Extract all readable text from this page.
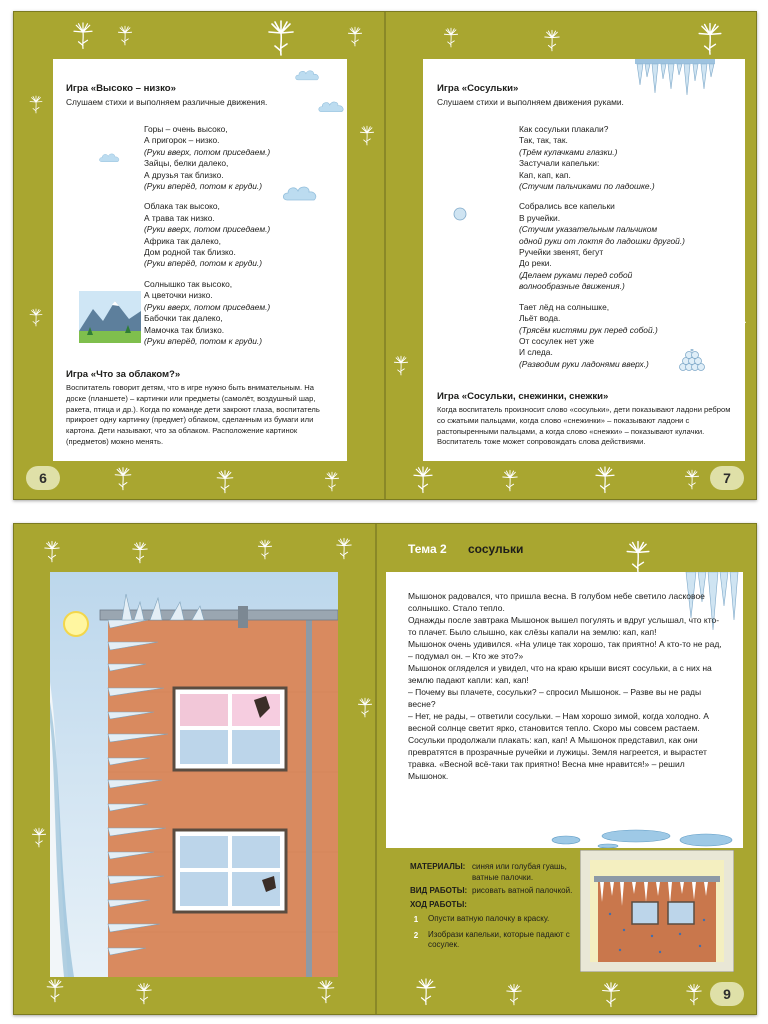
Игра «Высоко – низко»
Слушаем стихи и выполняем различные движения.
Горы – очень высоко,
А пригорок – низко.
(Руки вверх, потом приседаем.)
Зайцы, белки далеко,
А друзья так близко.
(Руки вперёд, потом к груди.)
Облака так высоко,
А трава так низко.
(Руки вверх, потом приседаем.)
Африка так далеко,
Дом родной так близко.
(Руки вперёд, потом к груди.)
Солнышко так высоко,
А цветочки низко.
(Руки вверх, потом приседаем.)
Бабочки так далеко,
Мамочка так близко.
(Руки вперёд, потом к груди.)
Игра «Что за облаком?»
Воспитатель говорит детям, что в игре нужно быть внимательным. На доске (планшете) – картинки или предметы (самолёт, воздушный шар, ракета, птица и др.). Когда по команде дети закроют глаза, воспитатель прикроет одну картинку (предмет) облаком, сделанным из бумаги или картона. Дети называют, что за облаком. Расположение картинок (предметов) можно менять.
Игра «Сосульки»
Слушаем стихи и выполняем движения руками.
Как сосульки плакали?
Так, так, так.
(Трём кулачками глазки.)
Застучали капельки:
Кап, кап, кап.
(Стучим пальчиками по ладошке.)
Собрались все капельки
В ручейки.
(Стучим указательным пальчиком
одной руки от локтя до ладошки другой.)
Ручейки звенят, бегут
До реки.
(Делаем руками перед собой
волнообразные движения.)
Тает лёд на солнышке,
Льёт вода.
(Трясём кистями рук перед собой.)
От сосулек нет уже
И следа.
(Разводим руки ладонями вверх.)
Игра «Сосульки, снежинки, снежки»
Когда воспитатель произносит слово «сосульки», дети показывают ладони ребром со сжатыми пальцами, когда слово «снежинки» – показывают ладони с растопыренными пальцами, а когда слово «снежки» – показывают кулачки. Воспитатель тоже может сопровождать слова действиями.
6	7
Тема 2 сосульки

Мышонок радовался, что пришла весна. В голубом небе светило ласковое солнышко. Стало тепло.

Однажды после завтрака Мышонок вышел погулять и вдруг услышал, что кто-то плачет. Было слышно, как слёзы капали на землю: кап, кап!

Мышонок очень удивился. «На улице так хорошо, так приятно! А кто-то не рад, – подумал он. – Кто же это?»

Мышонок огляделся и увидел, что на краю крыши висят сосульки, а с них на землю падают капли: кап, кап!

– Почему вы плачете, сосульки? – спросил Мышонок. – Разве вы не рады весне?

– Нет, не рады, – ответили сосульки. – Нам хорошо зимой, когда холодно. А весной солнце светит ярко, становится тепло. Скоро мы совсем растаем.

Сосульки продолжали плакать: кап, кап! А Мышонок представил, как они превратятся в прозрачные ручейки и лужицы. Земля нагреется, и вырастет травка. «Весной всё-таки так приятно! Весна мне нравится!» – решил Мышонок.

МАТЕРИАЛЫ: синяя или голубая гуашь, ватные палочки.
ВИД РАБОТЫ: рисовать ватной палочкой.
ХОД РАБОТЫ:
1	Опусти ватную палочку в краску.
2	Изобрази капельки, которые падают с сосулек.
9
